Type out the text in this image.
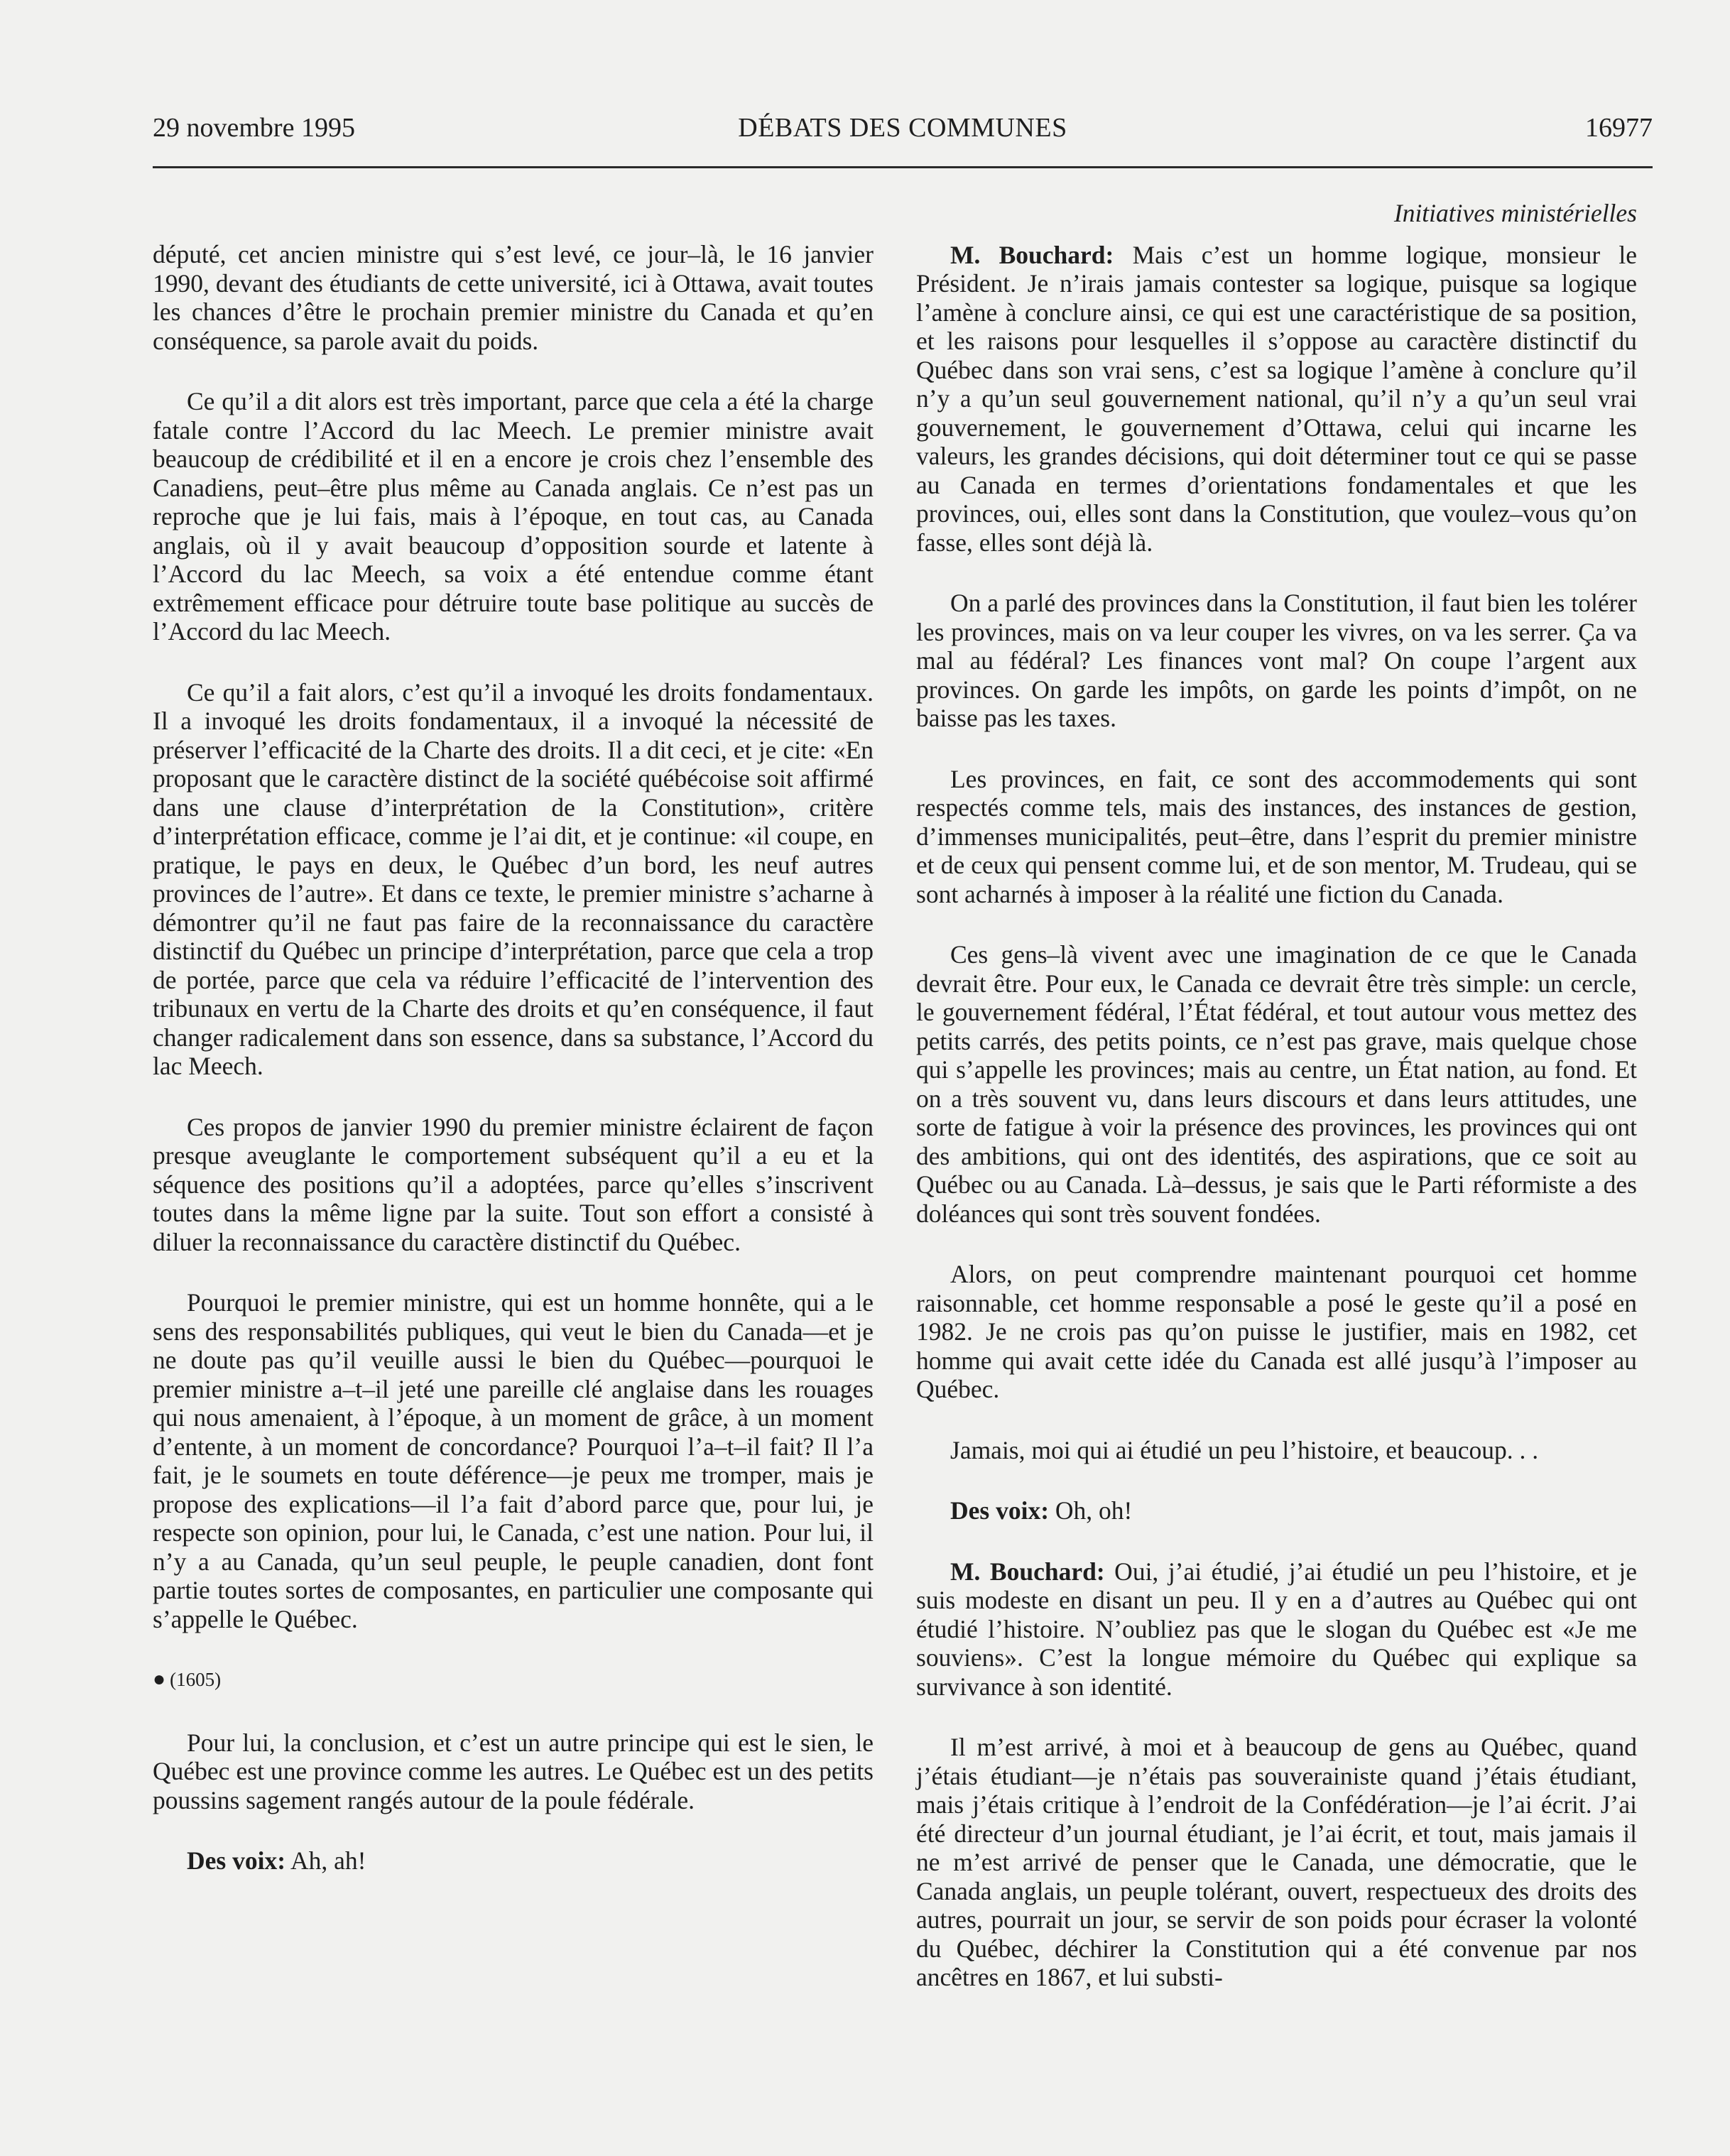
29 novembre 1995	DÉBATS DES COMMUNES	16977

député, cet ancien ministre qui s’est levé, ce jour–là, le 16 janvier 1990, devant des étudiants de cette université, ici à Ottawa, avait toutes les chances d’être le prochain premier ministre du Canada et qu’en conséquence, sa parole avait du poids.

Ce qu’il a dit alors est très important, parce que cela a été la charge fatale contre l’Accord du lac Meech. Le premier ministre avait beaucoup de crédibilité et il en a encore je crois chez l’ensemble des Canadiens, peut–être plus même au Canada anglais. Ce n’est pas un reproche que je lui fais, mais à l’époque, en tout cas, au Canada anglais, où il y avait beaucoup d’opposition sourde et latente à l’Accord du lac Meech, sa voix a été entendue comme étant extrêmement efficace pour détruire toute base politique au succès de l’Accord du lac Meech.

Ce qu’il a fait alors, c’est qu’il a invoqué les droits fondamentaux. Il a invoqué les droits fondamentaux, il a invoqué la nécessité de préserver l’efficacité de la Charte des droits. Il a dit ceci, et je cite: «En proposant que le caractère distinct de la société québécoise soit affirmé dans une clause d’interprétation de la Constitution», critère d’interprétation efficace, comme je l’ai dit, et je continue: «il coupe, en pratique, le pays en deux, le Québec d’un bord, les neuf autres provinces de l’autre». Et dans ce texte, le premier ministre s’acharne à démontrer qu’il ne faut pas faire de la reconnaissance du caractère distinctif du Québec un principe d’interprétation, parce que cela a trop de portée, parce que cela va réduire l’efficacité de l’intervention des tribunaux en vertu de la Charte des droits et qu’en conséquence, il faut changer radicalement dans son essence, dans sa substance, l’Accord du lac Meech.

Ces propos de janvier 1990 du premier ministre éclairent de façon presque aveuglante le comportement subséquent qu’il a eu et la séquence des positions qu’il a adoptées, parce qu’elles s’inscrivent toutes dans la même ligne par la suite. Tout son effort a consisté à diluer la reconnaissance du caractère distinctif du Québec.

Pourquoi le premier ministre, qui est un homme honnête, qui a le sens des responsabilités publiques, qui veut le bien du Canada—et je ne doute pas qu’il veuille aussi le bien du Québec—pourquoi le premier ministre a–t–il jeté une pareille clé anglaise dans les rouages qui nous amenaient, à l’époque, à un moment de grâce, à un moment d’entente, à un moment de concordance? Pourquoi l’a–t–il fait? Il l’a fait, je le soumets en toute déférence—je peux me tromper, mais je propose des explications—il l’a fait d’abord parce que, pour lui, je respecte son opinion, pour lui, le Canada, c’est une nation. Pour lui, il n’y a au Canada, qu’un seul peuple, le peuple canadien, dont font partie toutes sortes de composantes, en particulier une composante qui s’appelle le Québec.

● (1605)

Pour lui, la conclusion, et c’est un autre principe qui est le sien, le Québec est une province comme les autres. Le Québec est un des petits poussins sagement rangés autour de la poule fédérale.

Des voix: Ah, ah!

Initiatives ministérielles

M. Bouchard: Mais c’est un homme logique, monsieur le Président. Je n’irais jamais contester sa logique, puisque sa logique l’amène à conclure ainsi, ce qui est une caractéristique de sa position, et les raisons pour lesquelles il s’oppose au caractère distinctif du Québec dans son vrai sens, c’est sa logique l’amène à conclure qu’il n’y a qu’un seul gouvernement national, qu’il n’y a qu’un seul vrai gouvernement, le gouvernement d’Ottawa, celui qui incarne les valeurs, les grandes décisions, qui doit déterminer tout ce qui se passe au Canada en termes d’orientations fondamentales et que les provinces, oui, elles sont dans la Constitution, que voulez–vous qu’on fasse, elles sont déjà là.

On a parlé des provinces dans la Constitution, il faut bien les tolérer les provinces, mais on va leur couper les vivres, on va les serrer. Ça va mal au fédéral? Les finances vont mal? On coupe l’argent aux provinces. On garde les impôts, on garde les points d’impôt, on ne baisse pas les taxes.

Les provinces, en fait, ce sont des accommodements qui sont respectés comme tels, mais des instances, des instances de gestion, d’immenses municipalités, peut–être, dans l’esprit du premier ministre et de ceux qui pensent comme lui, et de son mentor, M. Trudeau, qui se sont acharnés à imposer à la réalité une fiction du Canada.

Ces gens–là vivent avec une imagination de ce que le Canada devrait être. Pour eux, le Canada ce devrait être très simple: un cercle, le gouvernement fédéral, l’État fédéral, et tout autour vous mettez des petits carrés, des petits points, ce n’est pas grave, mais quelque chose qui s’appelle les provinces; mais au centre, un État nation, au fond. Et on a très souvent vu, dans leurs discours et dans leurs attitudes, une sorte de fatigue à voir la présence des provinces, les provinces qui ont des ambitions, qui ont des identités, des aspirations, que ce soit au Québec ou au Canada. Là–dessus, je sais que le Parti réformiste a des doléances qui sont très souvent fondées.

Alors, on peut comprendre maintenant pourquoi cet homme raisonnable, cet homme responsable a posé le geste qu’il a posé en 1982. Je ne crois pas qu’on puisse le justifier, mais en 1982, cet homme qui avait cette idée du Canada est allé jusqu’à l’imposer au Québec.

Jamais, moi qui ai étudié un peu l’histoire, et beaucoup. . .

Des voix: Oh, oh!

M. Bouchard: Oui, j’ai étudié, j’ai étudié un peu l’histoire, et je suis modeste en disant un peu. Il y en a d’autres au Québec qui ont étudié l’histoire. N’oubliez pas que le slogan du Québec est «Je me souviens». C’est la longue mémoire du Québec qui explique sa survivance à son identité.

Il m’est arrivé, à moi et à beaucoup de gens au Québec, quand j’étais étudiant—je n’étais pas souverainiste quand j’étais étudiant, mais j’étais critique à l’endroit de la Confédération—je l’ai écrit. J’ai été directeur d’un journal étudiant, je l’ai écrit, et tout, mais jamais il ne m’est arrivé de penser que le Canada, une démocratie, que le Canada anglais, un peuple tolérant, ouvert, respectueux des droits des autres, pourrait un jour, se servir de son poids pour écraser la volonté du Québec, déchirer la Constitution qui a été convenue par nos ancêtres en 1867, et lui substi-
